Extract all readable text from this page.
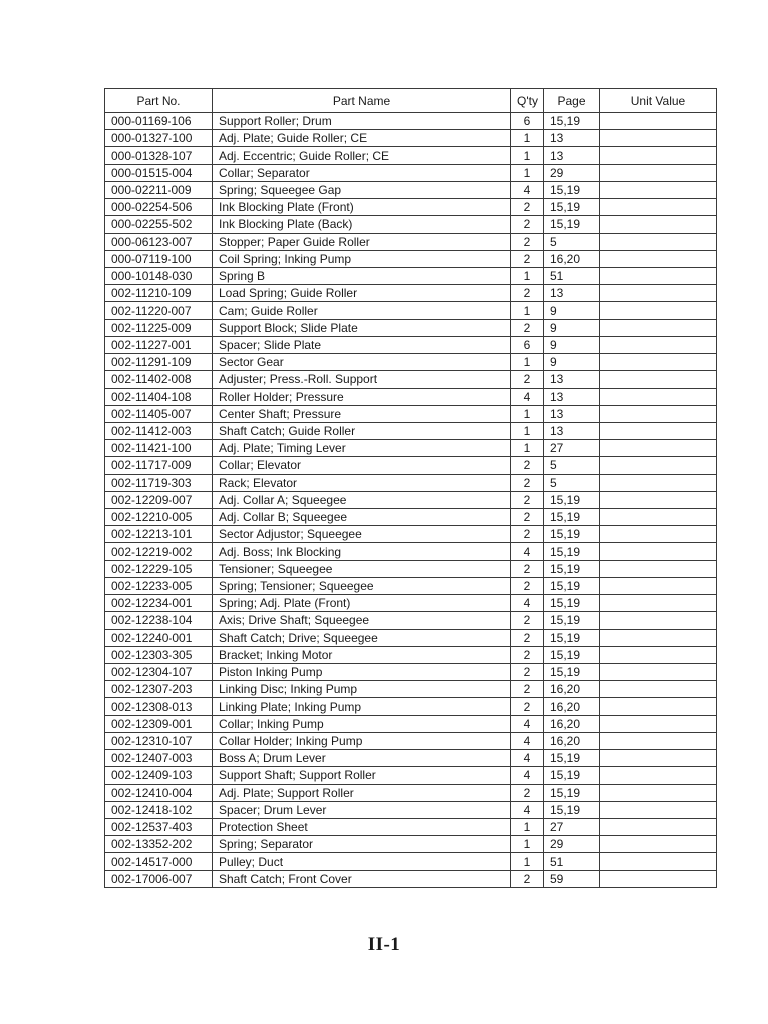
Part No.	Part Name	Q'ty	Page	Unit Value
000-01169-106	Support Roller; Drum	6	15,19	
000-01327-100	Adj. Plate; Guide Roller; CE	1	13	
000-01328-107	Adj. Eccentric; Guide Roller; CE	1	13	
000-01515-004	Collar; Separator	1	29	
000-02211-009	Spring; Squeegee Gap	4	15,19	
000-02254-506	Ink Blocking Plate (Front)	2	15,19	
000-02255-502	Ink Blocking Plate (Back)	2	15,19	
000-06123-007	Stopper; Paper Guide Roller	2	5	
000-07119-100	Coil Spring; Inking Pump	2	16,20	
000-10148-030	Spring B	1	51	
002-11210-109	Load Spring; Guide Roller	2	13	
002-11220-007	Cam; Guide Roller	1	9	
002-11225-009	Support Block; Slide Plate	2	9	
002-11227-001	Spacer; Slide Plate	6	9	
002-11291-109	Sector Gear	1	9	
002-11402-008	Adjuster; Press.-Roll. Support	2	13	
002-11404-108	Roller Holder; Pressure	4	13	
002-11405-007	Center Shaft; Pressure	1	13	
002-11412-003	Shaft Catch; Guide Roller	1	13	
002-11421-100	Adj. Plate; Timing Lever	1	27	
002-11717-009	Collar; Elevator	2	5	
002-11719-303	Rack; Elevator	2	5	
002-12209-007	Adj. Collar A; Squeegee	2	15,19	
002-12210-005	Adj. Collar B; Squeegee	2	15,19	
002-12213-101	Sector Adjustor; Squeegee	2	15,19	
002-12219-002	Adj. Boss; Ink Blocking	4	15,19	
002-12229-105	Tensioner; Squeegee	2	15,19	
002-12233-005	Spring; Tensioner; Squeegee	2	15,19	
002-12234-001	Spring; Adj. Plate (Front)	4	15,19	
002-12238-104	Axis; Drive Shaft; Squeegee	2	15,19	
002-12240-001	Shaft Catch; Drive; Squeegee	2	15,19	
002-12303-305	Bracket; Inking Motor	2	15,19	
002-12304-107	Piston Inking Pump	2	15,19	
002-12307-203	Linking Disc; Inking Pump	2	16,20	
002-12308-013	Linking Plate; Inking Pump	2	16,20	
002-12309-001	Collar; Inking Pump	4	16,20	
002-12310-107	Collar Holder; Inking Pump	4	16,20	
002-12407-003	Boss A; Drum Lever	4	15,19	
002-12409-103	Support Shaft; Support Roller	4	15,19	
002-12410-004	Adj. Plate; Support Roller	2	15,19	
002-12418-102	Spacer; Drum Lever	4	15,19	
002-12537-403	Protection Sheet	1	27	
002-13352-202	Spring; Separator	1	29	
002-14517-000	Pulley; Duct	1	51	
002-17006-007	Shaft Catch; Front Cover	2	59	
II-1
